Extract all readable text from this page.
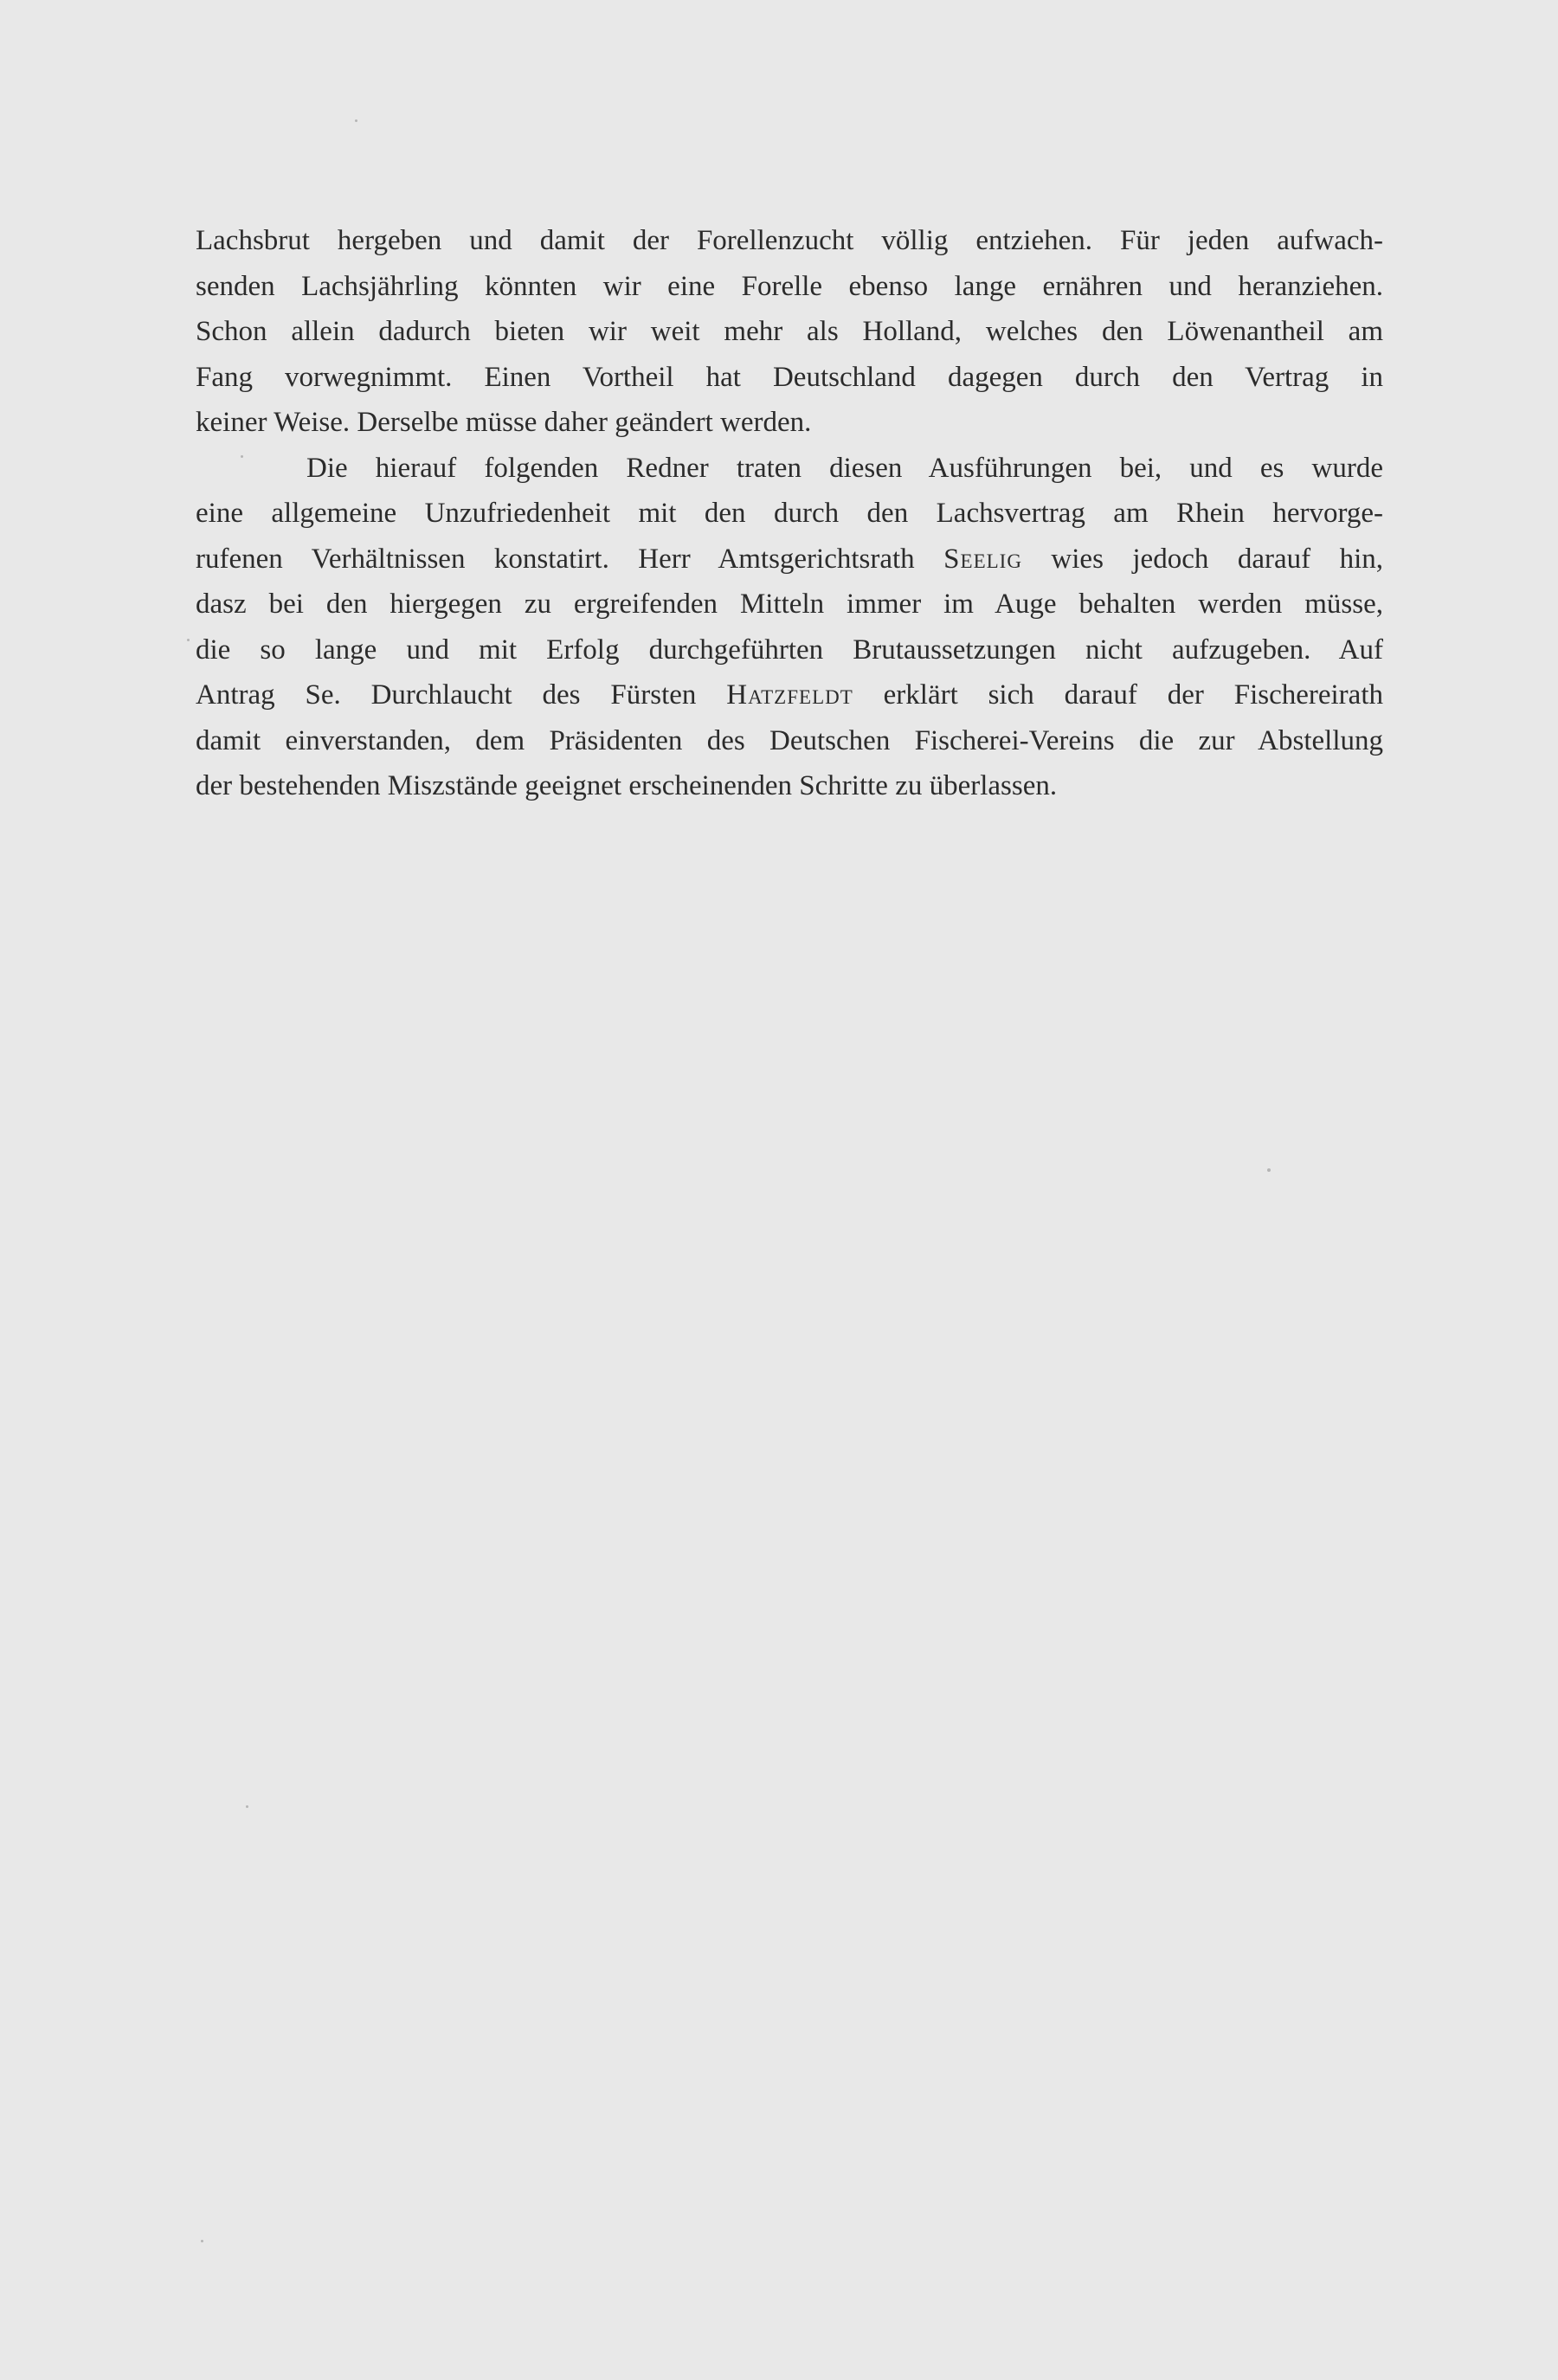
Lachsbrut hergeben und damit der Forellenzucht völlig entziehen. Für jeden aufwach-
senden Lachsjährling könnten wir eine Forelle ebenso lange ernähren und heranziehen.
Schon allein dadurch bieten wir weit mehr als Holland, welches den Löwenantheil am
Fang vorwegnimmt. Einen Vortheil hat Deutschland dagegen durch den Vertrag in
keiner Weise. Derselbe müsse daher geändert werden.
Die hierauf folgenden Redner traten diesen Ausführungen bei, und es wurde
eine allgemeine Unzufriedenheit mit den durch den Lachsvertrag am Rhein hervorge-
rufenen Verhältnissen konstatirt. Herr Amtsgerichtsrath Seelig wies jedoch darauf hin,
dasz bei den hiergegen zu ergreifenden Mitteln immer im Auge behalten werden müsse,
die so lange und mit Erfolg durchgeführten Brutaussetzungen nicht aufzugeben. Auf
Antrag Se. Durchlaucht des Fürsten Hatzfeldt erklärt sich darauf der Fischereirath
damit einverstanden, dem Präsidenten des Deutschen Fischerei-Vereins die zur Abstellung
der bestehenden Miszstände geeignet erscheinenden Schritte zu überlassen.
